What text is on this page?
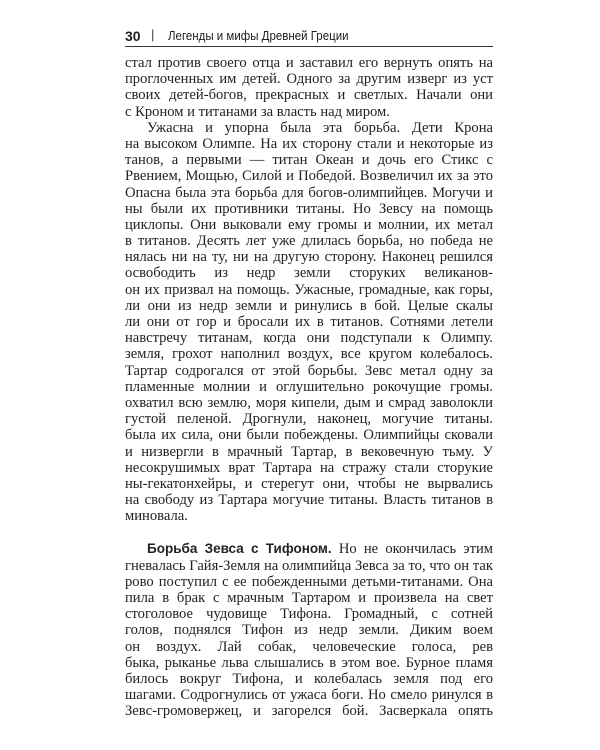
30 | Легенды и мифы Древней Греции
стал против своего отца и заставил его вернуть опять на
проглоченных им детей. Одного за другим изверг из уст
своих детей-богов, прекрасных и светлых. Начали они
с Кроном и титанами за власть над миром.
Ужасна и упорна была эта борьба. Дети Крона
на высоком Олимпе. На их сторону стали и некоторые из
танов, а первыми — титан Океан и дочь его Стикс с
Рвением, Мощью, Силой и Победой. Возвеличил их за это
Опасна была эта борьба для богов-олимпийцев. Могучи и
ны были их противники титаны. Но Зевсу на помощь
циклопы. Они выковали ему громы и молнии, их метал
в титанов. Десять лет уже длилась борьба, но победа не
нялась ни на ту, ни на другую сторону. Наконец решился
освободить из недр земли сторуких великанов-
он их призвал на помощь. Ужасные, громадные, как горы,
ли они из недр земли и ринулись в бой. Целые скалы
ли они от гор и бросали их в титанов. Сотнями летели
навстречу титанам, когда они подступали к Олимпу.
земля, грохот наполнил воздух, все кругом колебалось.
Тартар содрогался от этой борьбы. Зевс метал одну за
пламенные молнии и оглушительно рокочущие громы.
охватил всю землю, моря кипели, дым и смрад заволокли
густой пеленой. Дрогнули, наконец, могучие титаны.
была их сила, они были побеждены. Олимпийцы сковали
и низвергли в мрачный Тартар, в вековечную тьму. У
несокрушимых врат Тартара на стражу стали сторукие
ны-гекатонхейры, и стерегут они, чтобы не вырвались
на свободу из Тартара могучие титаны. Власть титанов в
миновала.
Борьба Зевса с Тифоном. Но не окончилась этим
гневалась Гайя-Земля на олимпийца Зевса за то, что он так
рово поступил с ее побежденными детьми-титанами. Она
пила в брак с мрачным Тартаром и произвела на свет
стоголовое чудовище Тифона. Громадный, с сотней
голов, поднялся Тифон из недр земли. Диким воем
он воздух. Лай собак, человеческие голоса, рев
быка, рыканье льва слышались в этом вое. Бурное пламя
билось вокруг Тифона, и колебалась земля под его
шагами. Содрогнулись от ужаса боги. Но смело ринулся в
Зевс-громовержец, и загорелся бой. Засверкала опять
